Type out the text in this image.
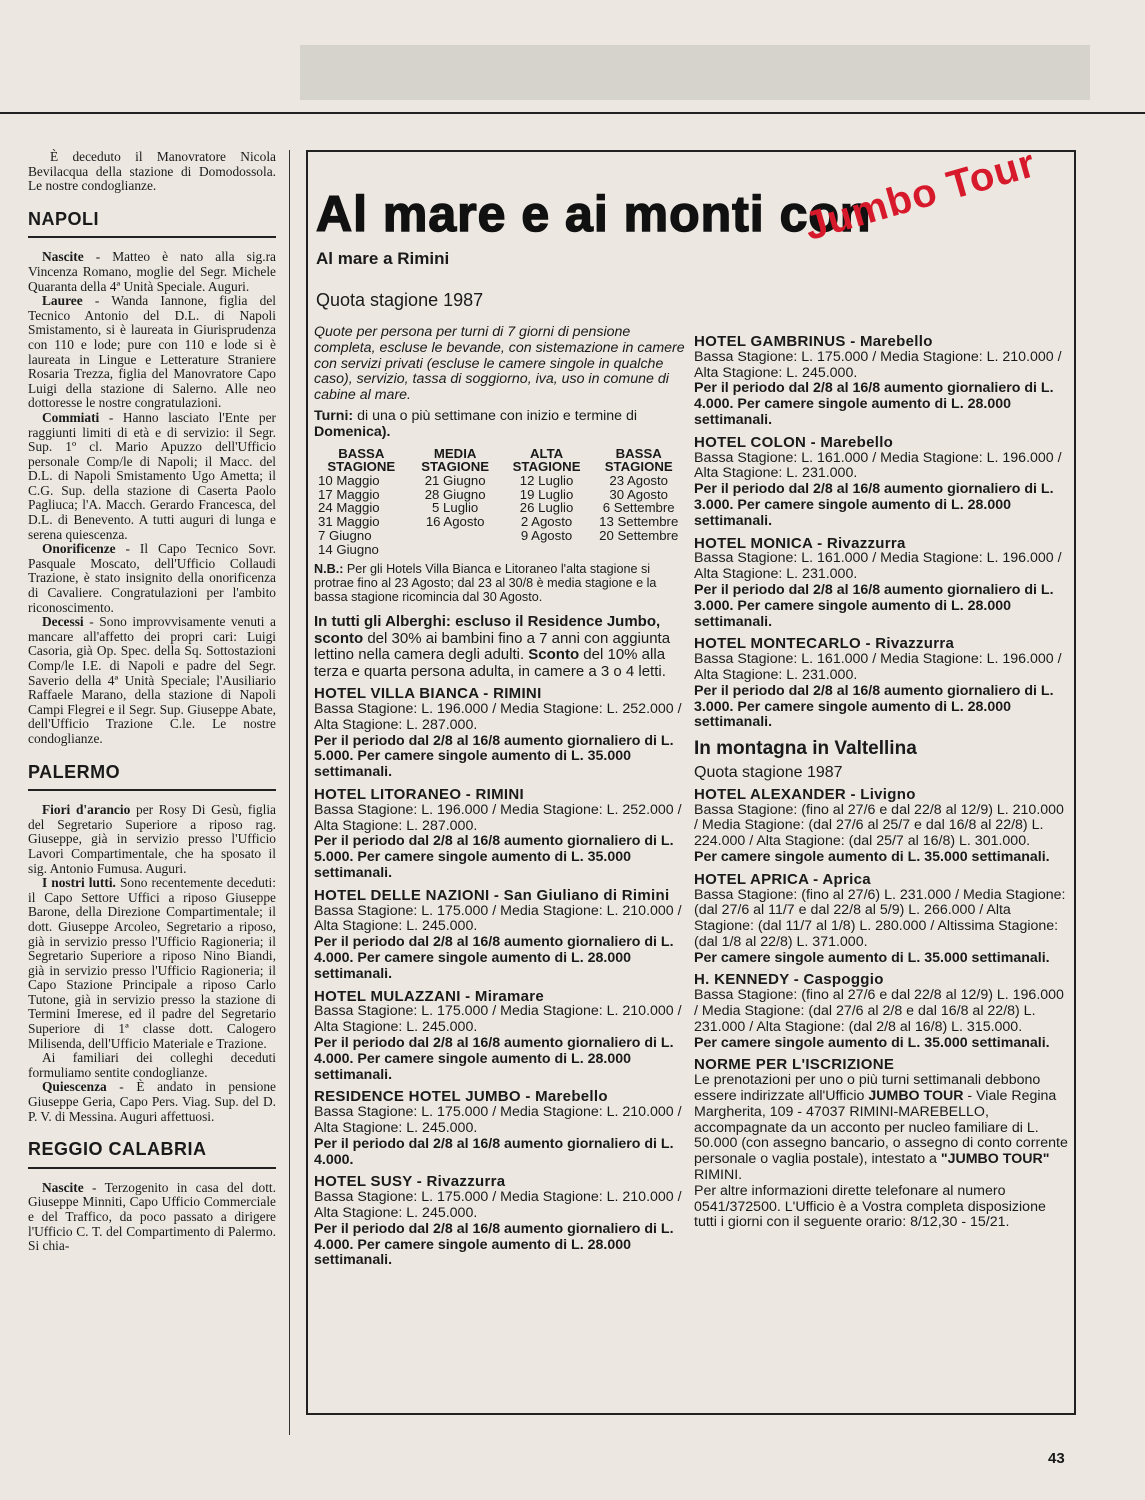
È deceduto il Manovratore Nicola Bevilacqua della stazione di Domodossola. Le nostre condoglianze.

NAPOLI

Nascite - Matteo è nato alla sig.ra Vincenza Romano, moglie del Segr. Michele Quaranta della 4ª Unità Speciale. Auguri.

Lauree - Wanda Iannone, figlia del Tecnico Antonio del D.L. di Napoli Smistamento, si è laureata in Giurisprudenza con 110 e lode; pure con 110 e lode si è laureata in Lingue e Letterature Straniere Rosaria Trezza, figlia del Manovratore Capo Luigi della stazione di Salerno. Alle neo dottoresse le nostre congratulazioni.

Commiati - Hanno lasciato l'Ente per raggiunti limiti di età e di servizio: il Segr. Sup. 1º cl. Mario Apuzzo dell'Ufficio personale Comp/le di Napoli; il Macc. del D.L. di Napoli Smistamento Ugo Ametta; il C.G. Sup. della stazione di Caserta Paolo Pagliuca; l'A. Macch. Gerardo Francesca, del D.L. di Benevento. A tutti auguri di lunga e serena quiescenza.

Onorificenze - Il Capo Tecnico Sovr. Pasquale Moscato, dell'Ufficio Collaudi Trazione, è stato insignito della onorificenza di Cavaliere. Congratulazioni per l'ambito riconoscimento.

Decessi - Sono improvvisamente venuti a mancare all'affetto dei propri cari: Luigi Casoria, già Op. Spec. della Sq. Sottostazioni Comp/le I.E. di Napoli e padre del Segr. Saverio della 4ª Unità Speciale; l'Ausiliario Raffaele Marano, della stazione di Napoli Campi Flegrei e il Segr. Sup. Giuseppe Abate, dell'Ufficio Trazione C.le. Le nostre condoglianze.

PALERMO

Fiori d'arancio per Rosy Di Gesù, figlia del Segretario Superiore a riposo rag. Giuseppe, già in servizio presso l'Ufficio Lavori Compartimentale, che ha sposato il sig. Antonio Fumusa. Auguri.

I nostri lutti. Sono recentemente deceduti: il Capo Settore Uffici a riposo Giuseppe Barone, della Direzione Compartimentale; il dott. Giuseppe Arcoleo, Segretario a riposo, già in servizio presso l'Ufficio Ragioneria; il Segretario Superiore a riposo Nino Biandi, già in servizio presso l'Ufficio Ragioneria; il Capo Stazione Principale a riposo Carlo Tutone, già in servizio presso la stazione di Termini Imerese, ed il padre del Segretario Superiore di 1ª classe dott. Calogero Milisenda, dell'Ufficio Materiale e Trazione.

Ai familiari dei colleghi deceduti formuliamo sentite condoglianze.

Quiescenza - È andato in pensione Giuseppe Geria, Capo Pers. Viag. Sup. del D. P. V. di Messina. Auguri affettuosi.

REGGIO CALABRIA

Nascite - Terzogenito in casa del dott. Giuseppe Minniti, Capo Ufficio Commerciale e del Traffico, da poco passato a dirigere l'Ufficio C. T. del Compartimento di Palermo. Si chia-

Al mare e ai monti con
Jumbo Tour
Al mare a Rimini
Quota stagione 1987

Quote per persona per turni di 7 giorni di pensione completa, escluse le bevande, con sistemazione in camere con servizi privati (escluse le camere singole in qualche caso), servizio, tassa di soggiorno, iva, uso in comune di cabine al mare.

Turni: di una o più settimane con inizio e termine di Domenica).

BASSA STAGIONE	MEDIA STAGIONE	ALTA STAGIONE	BASSA STAGIONE
10 Maggio	21 Giugno	12 Luglio	23 Agosto
17 Maggio	28 Giugno	19 Luglio	30 Agosto
24 Maggio	5 Luglio	26 Luglio	6 Settembre
31 Maggio	16 Agosto	2 Agosto	13 Settembre
7 Giugno		9 Agosto	20 Settembre
14 Giugno			

N.B.: Per gli Hotels Villa Bianca e Litoraneo l'alta stagione si protrae fino al 23 Agosto; dal 23 al 30/8 è media stagione e la bassa stagione ricomincia dal 30 Agosto.

In tutti gli Alberghi: escluso il Residence Jumbo, sconto del 30% ai bambini fino a 7 anni con aggiunta lettino nella camera degli adulti. Sconto del 10% alla terza e quarta persona adulta, in camere a 3 o 4 letti.

HOTEL VILLA BIANCA - RIMINI

Bassa Stagione: L. 196.000 / Media Stagione: L. 252.000 / Alta Stagione: L. 287.000.

Per il periodo dal 2/8 al 16/8 aumento giornaliero di L. 5.000. Per camere singole aumento di L. 35.000 settimanali.

HOTEL LITORANEO - RIMINI

Bassa Stagione: L. 196.000 / Media Stagione: L. 252.000 / Alta Stagione: L. 287.000.

Per il periodo dal 2/8 al 16/8 aumento giornaliero di L. 5.000. Per camere singole aumento di L. 35.000 settimanali.

HOTEL DELLE NAZIONI - San Giuliano di Rimini

Bassa Stagione: L. 175.000 / Media Stagione: L. 210.000 / Alta Stagione: L. 245.000.

Per il periodo dal 2/8 al 16/8 aumento giornaliero di L. 4.000. Per camere singole aumento di L. 28.000 settimanali.

HOTEL MULAZZANI - Miramare

Bassa Stagione: L. 175.000 / Media Stagione: L. 210.000 / Alta Stagione: L. 245.000.

Per il periodo dal 2/8 al 16/8 aumento giornaliero di L. 4.000. Per camere singole aumento di L. 28.000 settimanali.

RESIDENCE HOTEL JUMBO - Marebello

Bassa Stagione: L. 175.000 / Media Stagione: L. 210.000 / Alta Stagione: L. 245.000.

Per il periodo dal 2/8 al 16/8 aumento giornaliero di L. 4.000.

HOTEL SUSY - Rivazzurra

Bassa Stagione: L. 175.000 / Media Stagione: L. 210.000 / Alta Stagione: L. 245.000.

Per il periodo dal 2/8 al 16/8 aumento giornaliero di L. 4.000. Per camere singole aumento di L. 28.000 settimanali.

HOTEL GAMBRINUS - Marebello

Bassa Stagione: L. 175.000 / Media Stagione: L. 210.000 / Alta Stagione: L. 245.000.

Per il periodo dal 2/8 al 16/8 aumento giornaliero di L. 4.000. Per camere singole aumento di L. 28.000 settimanali.

HOTEL COLON - Marebello

Bassa Stagione: L. 161.000 / Media Stagione: L. 196.000 / Alta Stagione: L. 231.000.

Per il periodo dal 2/8 al 16/8 aumento giornaliero di L. 3.000. Per camere singole aumento di L. 28.000 settimanali.

HOTEL MONICA - Rivazzurra

Bassa Stagione: L. 161.000 / Media Stagione: L. 196.000 / Alta Stagione: L. 231.000.

Per il periodo dal 2/8 al 16/8 aumento giornaliero di L. 3.000. Per camere singole aumento di L. 28.000 settimanali.

HOTEL MONTECARLO - Rivazzurra

Bassa Stagione: L. 161.000 / Media Stagione: L. 196.000 / Alta Stagione: L. 231.000.

Per il periodo dal 2/8 al 16/8 aumento giornaliero di L. 3.000. Per camere singole aumento di L. 28.000 settimanali.

In montagna in Valtellina

Quota stagione 1987

HOTEL ALEXANDER - Livigno

Bassa Stagione: (fino al 27/6 e dal 22/8 al 12/9) L. 210.000 / Media Stagione: (dal 27/6 al 25/7 e dal 16/8 al 22/8) L. 224.000 / Alta Stagione: (dal 25/7 al 16/8) L. 301.000.

Per camere singole aumento di L. 35.000 settimanali.

HOTEL APRICA - Aprica

Bassa Stagione: (fino al 27/6) L. 231.000 / Media Stagione: (dal 27/6 al 11/7 e dal 22/8 al 5/9) L. 266.000 / Alta Stagione: (dal 11/7 al 1/8) L. 280.000 / Altissima Stagione: (dal 1/8 al 22/8) L. 371.000.

Per camere singole aumento di L. 35.000 settimanali.

H. KENNEDY - Caspoggio

Bassa Stagione: (fino al 27/6 e dal 22/8 al 12/9) L. 196.000 / Media Stagione: (dal 27/6 al 2/8 e dal 16/8 al 22/8) L. 231.000 / Alta Stagione: (dal 2/8 al 16/8) L. 315.000.

Per camere singole aumento di L. 35.000 settimanali.

NORME PER L'ISCRIZIONE

Le prenotazioni per uno o più turni settimanali debbono essere indirizzate all'Ufficio JUMBO TOUR - Viale Regina Margherita, 109 - 47037 RIMINI-MAREBELLO, accompagnate da un acconto per nucleo familiare di L. 50.000 (con assegno bancario, o assegno di conto corrente personale o vaglia postale), intestato a "JUMBO TOUR" RIMINI.

Per altre informazioni dirette telefonare al numero 0541/372500. L'Ufficio è a Vostra completa disposizione tutti i giorni con il seguente orario: 8/12,30 - 15/21.

43
